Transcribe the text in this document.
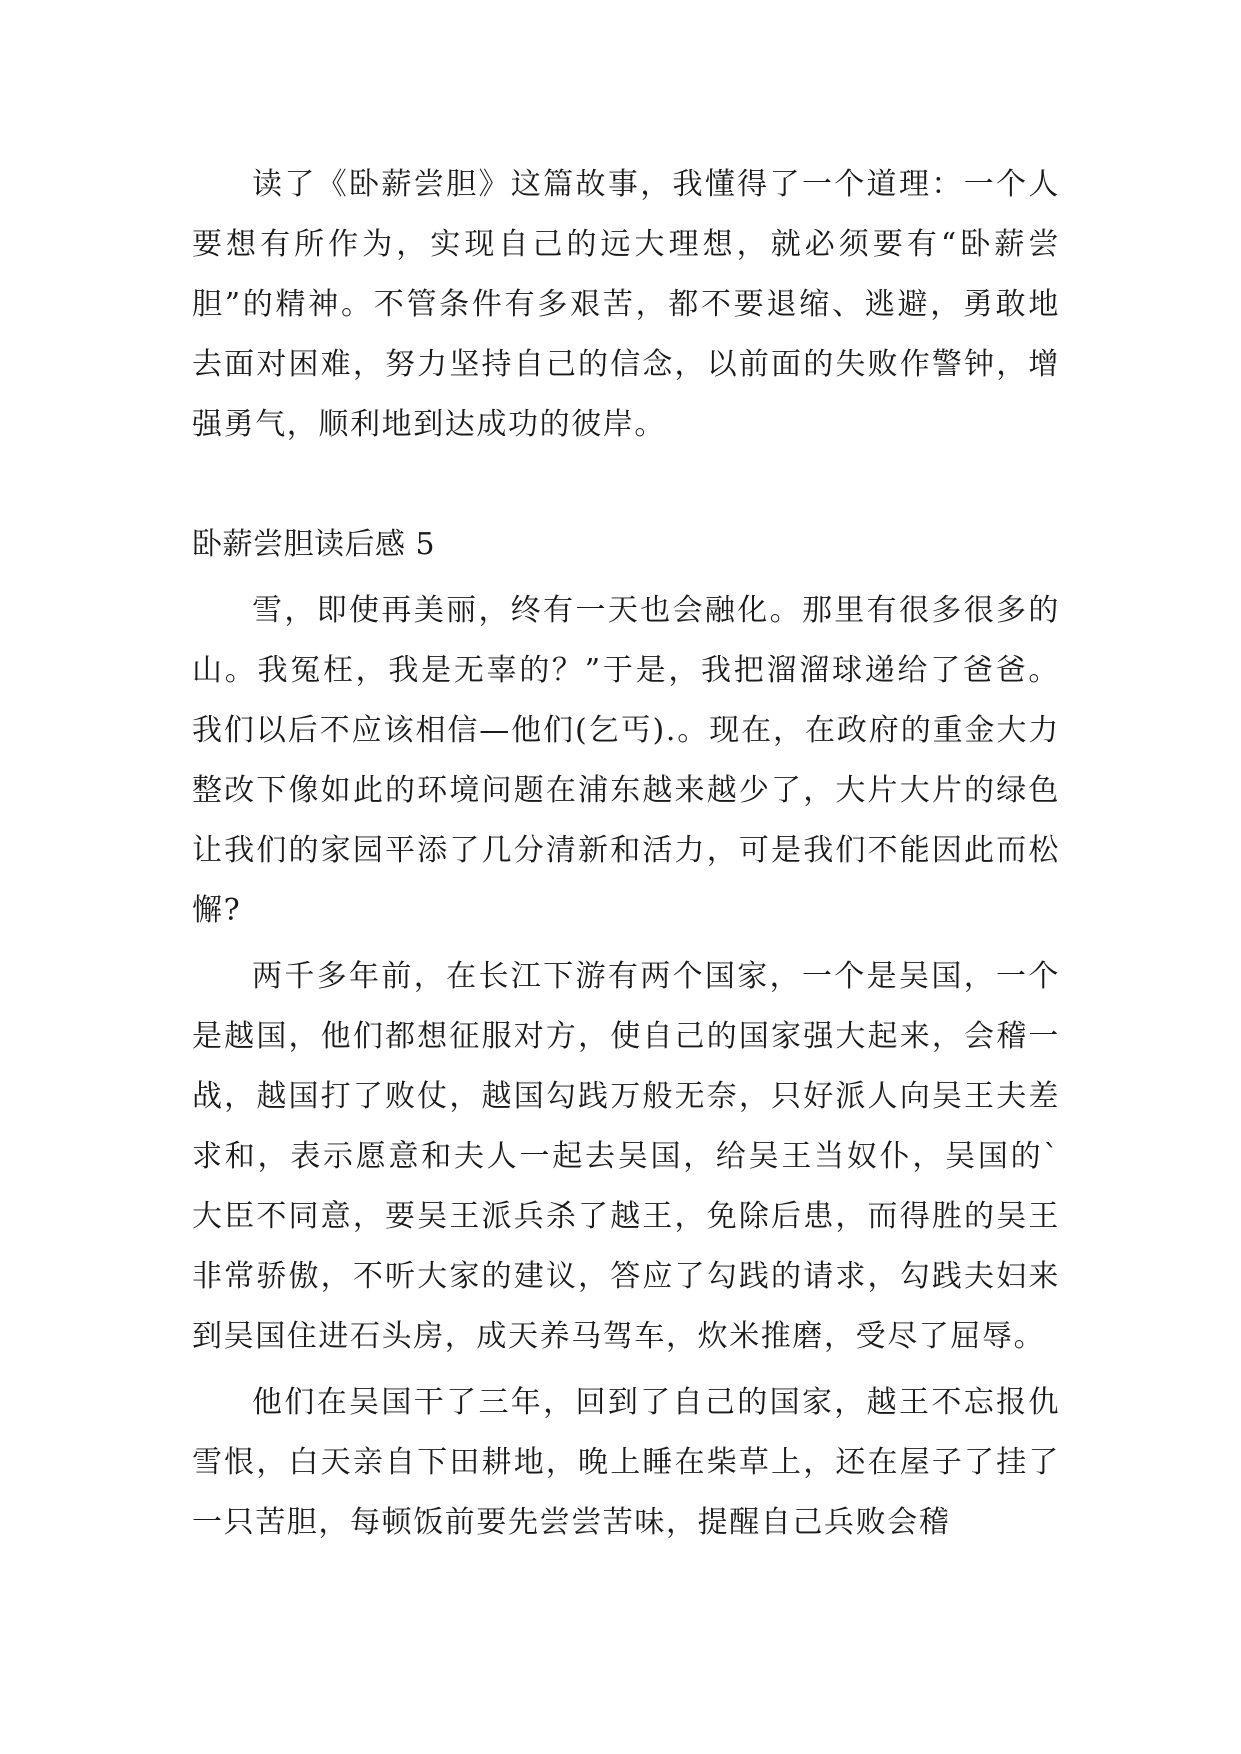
读了《卧薪尝胆》这篇故事，我懂得了一个道理：一个人要想有所作为，实现自己的远大理想，就必须要有“卧薪尝胆”的精神。不管条件有多艰苦，都不要退缩、逃避，勇敢地去面对困难，努力坚持自己的信念，以前面的失败作警钟，增强勇气，顺利地到达成功的彼岸。

卧薪尝胆读后感 5

雪，即使再美丽，终有一天也会融化。那里有很多很多的山。我冤枉，我是无辜的？”于是，我把溜溜球递给了爸爸。我们以后不应该相信—他们(乞丐).。现在，在政府的重金大力整改下像如此的环境问题在浦东越来越少了，大片大片的绿色让我们的家园平添了几分清新和活力，可是我们不能因此而松懈?

两千多年前，在长江下游有两个国家，一个是吴国，一个是越国，他们都想征服对方，使自己的国家强大起来，会稽一战，越国打了败仗，越国勾践万般无奈，只好派人向吴王夫差求和，表示愿意和夫人一起去吴国，给吴王当奴仆，吴国的`大臣不同意，要吴王派兵杀了越王，免除后患，而得胜的吴王非常骄傲，不听大家的建议，答应了勾践的请求，勾践夫妇来到吴国住进石头房，成天养马驾车，炊米推磨，受尽了屈辱。

他们在吴国干了三年，回到了自己的国家，越王不忘报仇雪恨，白天亲自下田耕地，晚上睡在柴草上，还在屋子了挂了一只苦胆，每顿饭前要先尝尝苦味，提醒自己兵败会稽
